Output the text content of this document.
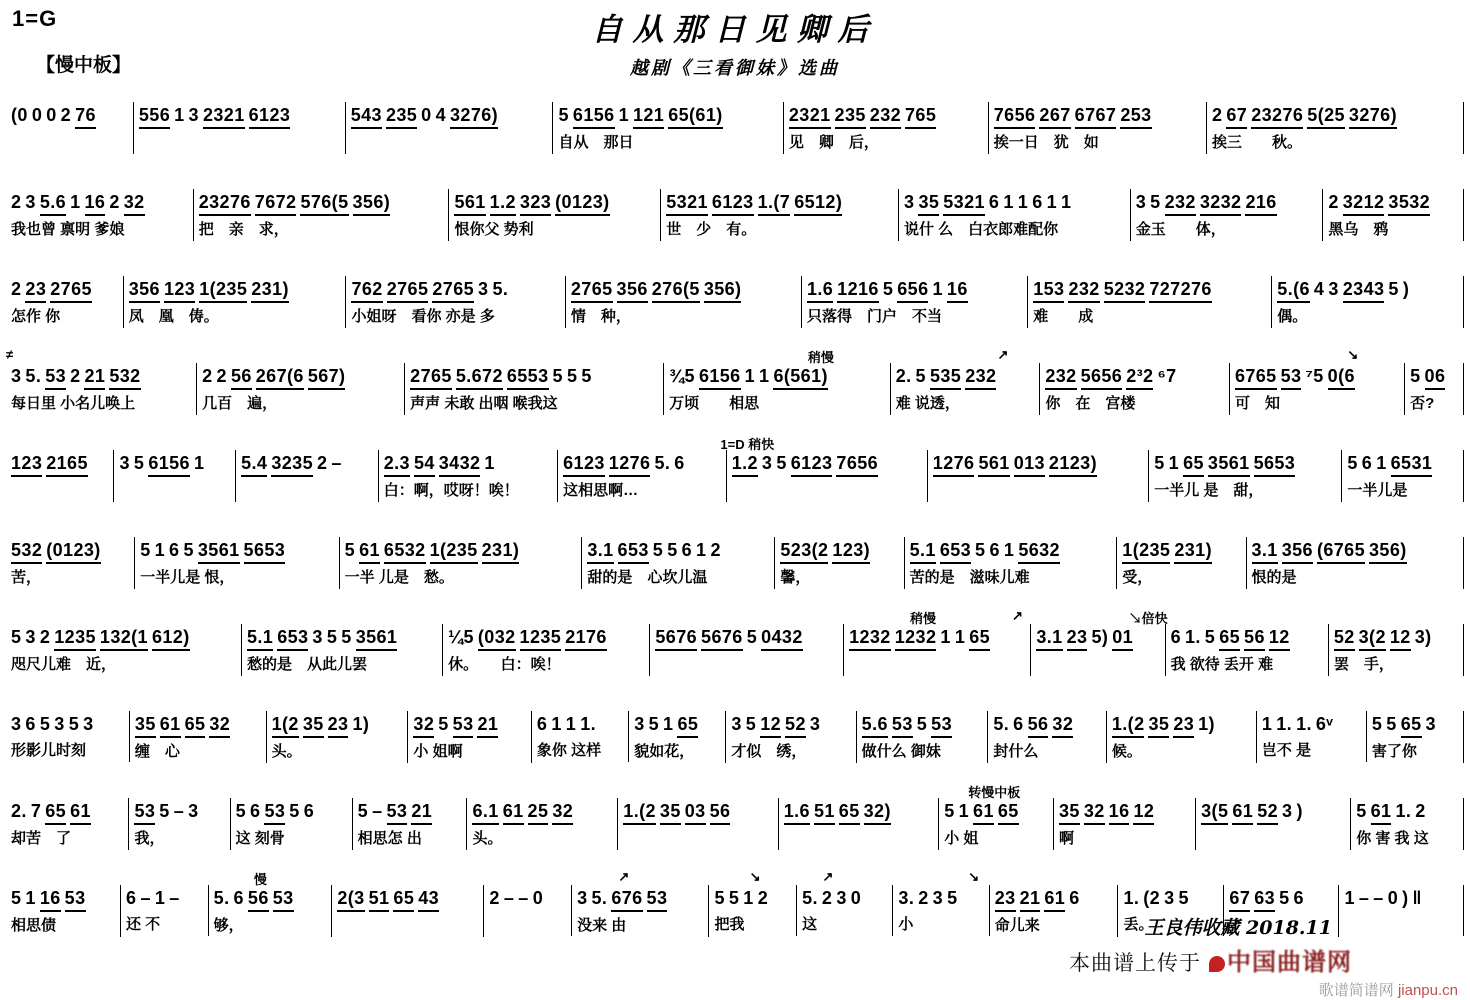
1=G
【慢中板】
自从那日见卿后
越剧《三看御妹》选曲
(0 0 0 2 76	556 1 3 2321 6123	543 235 0 4 3276)	5 6156 1 121 65(61)
自从　那日
2321 235 232 765
见　卿　后，
7656 267 6767 253
挨一日　犹　如
2 67 23276 5(25 3276)
挨三　　秋。
2 3 5.6 1 16 2 32
我也曾 禀明 爹娘
23276 7672 576(5 356)
把　亲　求，
561 1.2 323 (0123)
恨你父 势利
5321 6123 1.(7 6512)
世　少　有。
3 35 5321 6 1 1 6 1 1
说什 么　白衣郎难配你
3 5 232 3232 216
金玉　　体，
2 3212 3532
黑乌　鸦
2 23 2765
怎作 你
356 123 1(235 231)
凤　凰　俦。
762 2765 2765 3 5.
小姐呀　看你 亦是 多
2765 356 276(5 356)
情　种，
1.6 1216 5 656 1 16
只落得　门户　不当
153 232 5232 727276
难　　成
5.(6 4 3 2343 5 )
偶。
≠	稍慢	↗	↘
3 5. 53 2 21 532
每日里 小名儿唤上
2 2 56 267(6 567)
几百　遍，
2765 5.672 6553 5 5 5
声声 未敢 出咽 喉我这
¾5 6156 1 1 6(561)
万顷　　相思
2. 5 535 232
难 说透，
232 5656 2³2 ⁶7
你　在　宫楼
6765 53 ⁷5 0(6
可　知
5 06
否?
1=D 稍快
123 2165	3 5 6156 1	5.4 3235 2 –	2.3 54 3432 1
白：啊，哎呀！唉！
6123 1276 5. 6
这相思啊…
1.2 3 5 6123 7656	1276 561 013 2123)	5 1 65 3561 5653
一半儿 是　甜，
5 6 1 6531
一半儿是
532 (0123)
苦，
5 1 6 5 3561 5653
一半儿是 恨，
5 61 6532 1(235 231)
一半 儿是　愁。
3.1 653 5 5 6 1 2
甜的是　心坎儿温
523(2 123)
馨，
5.1 653 5 6 1 5632
苦的是　滋味儿难
1(235 231)
受，
3.1 356 (6765 356)
恨的是
稍慢	↗	↘倍快
5 3 2 1235 132(1 612)
咫尺儿难　近，
5.1 653 3 5 5 3561
愁的是　从此儿罢
¼5 (032 1235 2176
休。　　白：唉！
5676 5676 5 0432	1232 1232 1 1 65	3.1 23 5) 01	6 1. 5 65 56 12
我 欲待 丢开 难
52 3(2 12 3)
罢　手，
3 6 5 3 5 3
形影儿时刻
35 61 65 32
缠　心
1(2 35 23 1)
头。
32 5 53 21
小 姐啊
6 1 1 1.
象你 这样
3 5 1 65
貌如花，
3 5 12 52 3
才似　绣，
5.6 53 5 53
做什么 御妹
5. 6 56 32
封什么
1.(2 35 23 1)
候。
1 1. 1. 6ᵛ
岂不 是
5 5 65 3
害了你
转慢中板
2. 7 65 61
却苦　了
53 5 – 3
我，
5 6 53 5 6
这 刻骨
5 – 53 21
相思怎 出
6.1 61 25 32
头。
1.(2 35 03 56	1.6 51 65 32)	5 1 61 65
小 姐
35 32 16 12
啊
3(5 61 52 3 )	5 61 1. 2
你 害 我 这
慢	↗	↘	↗	↘
5 1 16 53
相思债
6 – 1 –
还 不
5. 6 56 53
够，
2(3 51 65 43	2 – – 0	3 5. 676 53
没来 由
5 5 1 2
把我
5. 2 3 0
这
3. 2 3 5
小
23 21 61 6
命儿来
1. (2 3 5
丢。
67 63 5 6	1 – – 0 ) ‖
王良伟收藏 2018.11
本曲谱上传于 中国曲谱网
歌谱简谱网 jianpu.cn
